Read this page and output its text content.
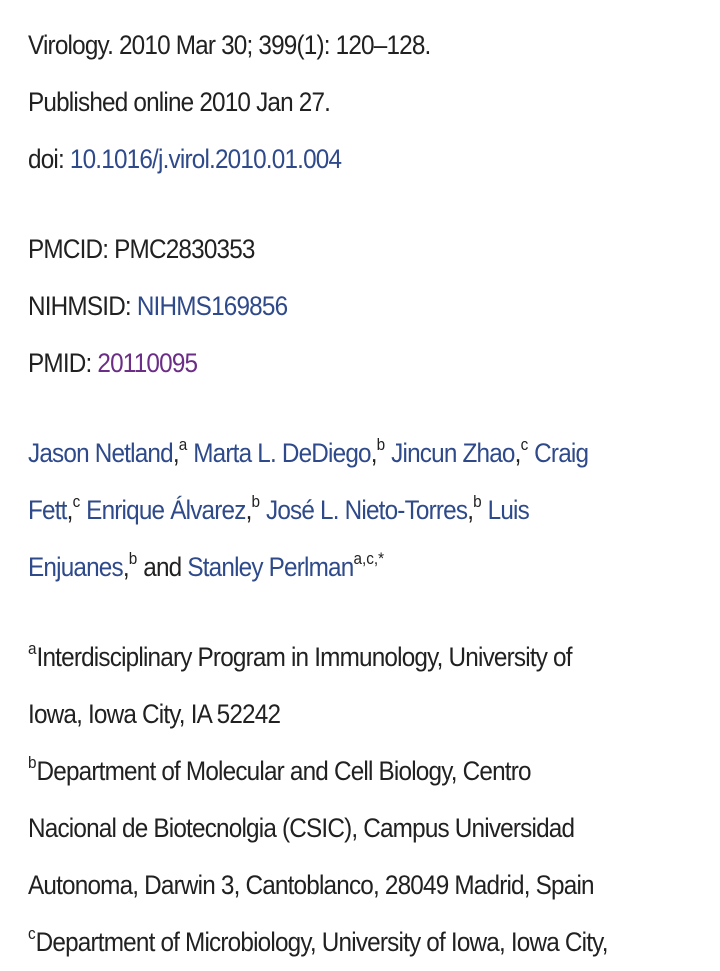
Virology. 2010 Mar 30; 399(1): 120–128.
Published online 2010 Jan 27.
doi: 10.1016/j.virol.2010.01.004
PMCID: PMC2830353
NIHMSID: NIHMS169856
PMID: 20110095
Jason Netland,$^a$ Marta L. DeDiego,$^b$ Jincun Zhao,$^c$ Craig
Fett,$^c$ Enrique Álvarez,$^b$ José L. Nieto-Torres,$^b$ Luis
Enjuanes,$^b$ and Stanley Perlman$^{a,c,*}$
$^a$Interdisciplinary Program in Immunology, University of
Iowa, Iowa City, IA 52242
$^b$Department of Molecular and Cell Biology, Centro
Nacional de Biotecnolgia (CSIC), Campus Universidad
Autonoma, Darwin 3, Cantoblanco, 28049 Madrid, Spain
$^c$Department of Microbiology, University of Iowa, Iowa City,
